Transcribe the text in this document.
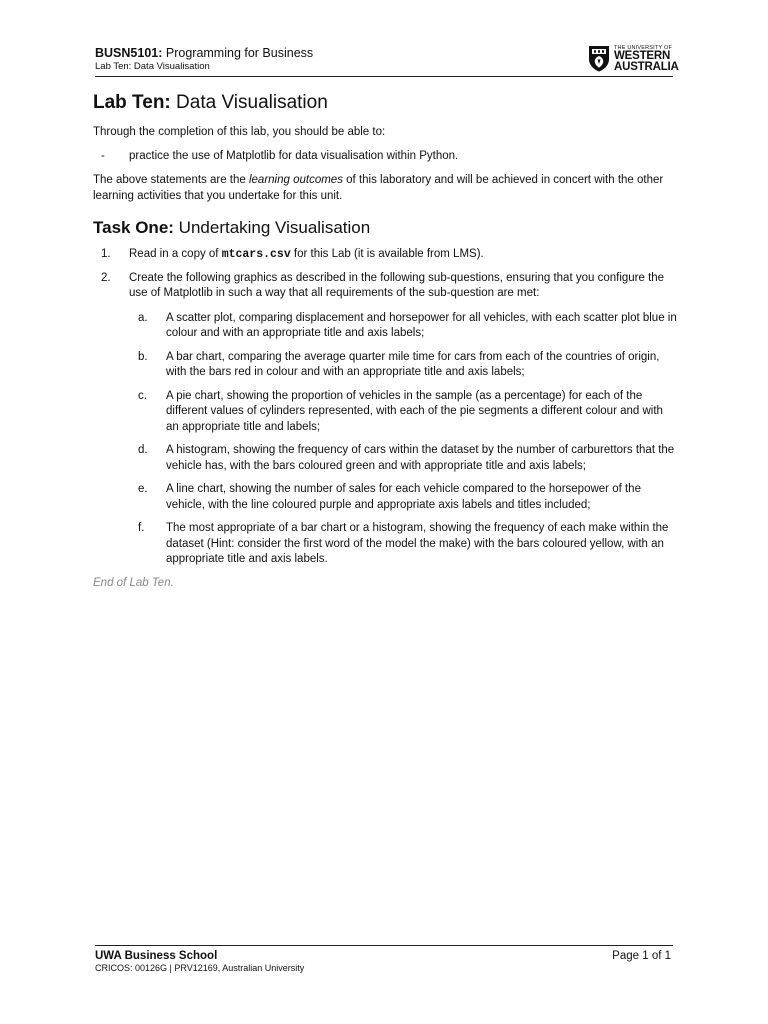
BUSN5101: Programming for Business
Lab Ten: Data Visualisation
THE UNIVERSITY OF
WESTERN
AUSTRALIA
Lab Ten: Data Visualisation

Through the completion of this lab, you should be able to:

- practice the use of Matplotlib for data visualisation within Python.

The above statements are the learning outcomes of this laboratory and will be achieved in concert with the other learning activities that you undertake for this unit.

Task One: Undertaking Visualisation
1. Read in a copy of mtcars.csv for this Lab (it is available from LMS).
2. Create the following graphics as described in the following sub-questions, ensuring that you configure the use of Matplotlib in such a way that all requirements of the sub-question are met:
a. A scatter plot, comparing displacement and horsepower for all vehicles, with each scatter plot blue in colour and with an appropriate title and axis labels;
b. A bar chart, comparing the average quarter mile time for cars from each of the countries of origin, with the bars red in colour and with an appropriate title and axis labels;
c. A pie chart, showing the proportion of vehicles in the sample (as a percentage) for each of the different values of cylinders represented, with each of the pie segments a different colour and with an appropriate title and labels;
d. A histogram, showing the frequency of cars within the dataset by the number of carburettors that the vehicle has, with the bars coloured green and with appropriate title and axis labels;
e. A line chart, showing the number of sales for each vehicle compared to the horsepower of the vehicle, with the line coloured purple and appropriate axis labels and titles included;
f. The most appropriate of a bar chart or a histogram, showing the frequency of each make within the dataset (Hint: consider the first word of the model the make) with the bars coloured yellow, with an appropriate title and axis labels.

End of Lab Ten.

UWA Business School
CRICOS: 00126G | PRV12169, Australian University
Page 1 of 1
